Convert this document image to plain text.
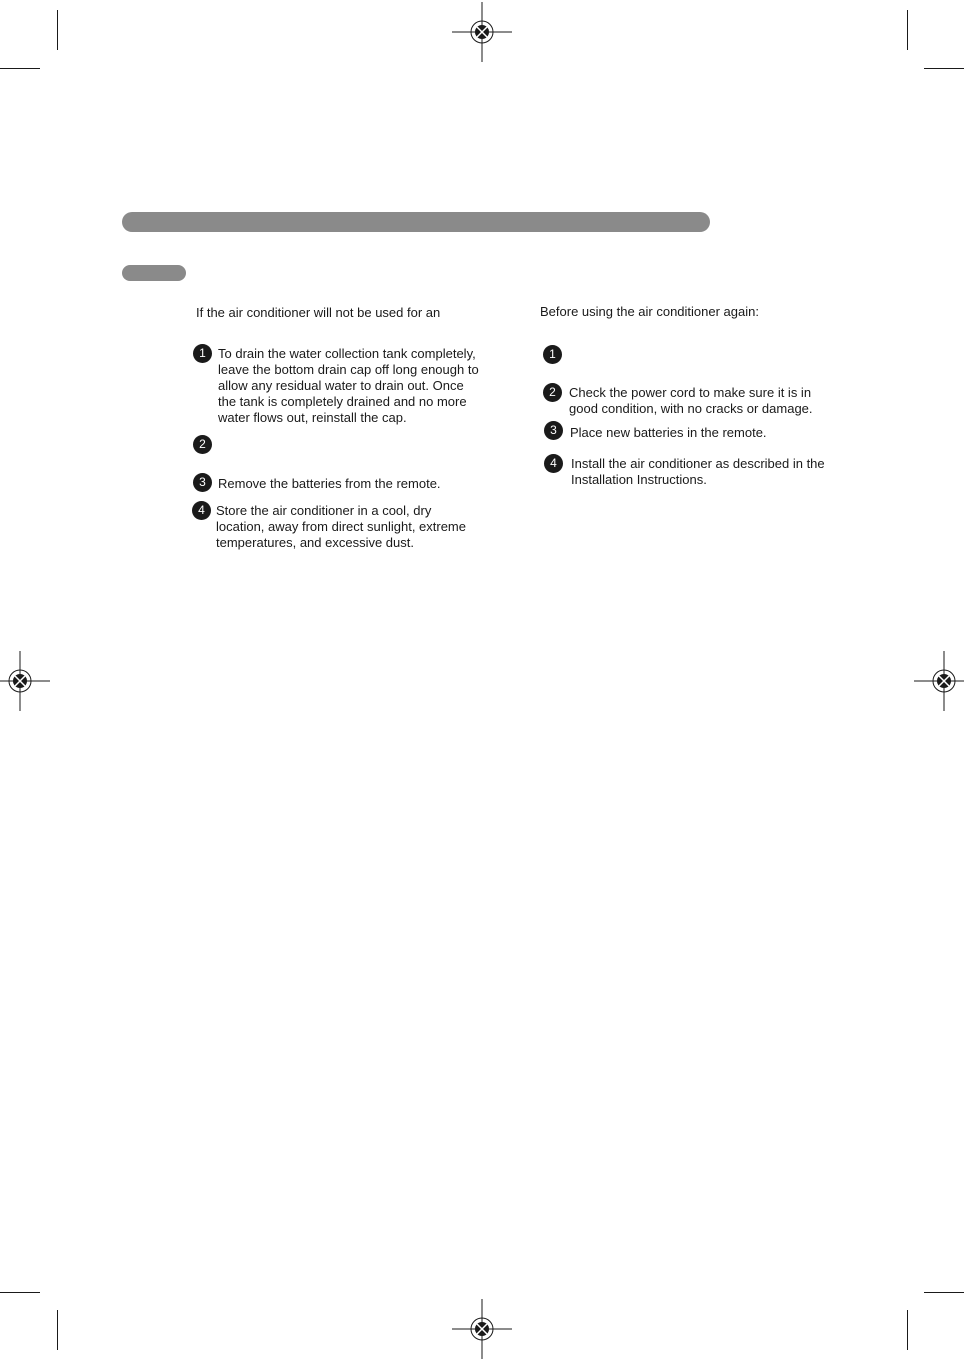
If the air conditioner will not be used for an

1 To drain the water collection tank completely,

leave the bottom drain cap off long enough to

allow any residual water to drain out. Once

the tank is completely drained and no more

water flows out, reinstall the cap.

2
3 Remove the batteries from the remote.

4 Store the air conditioner in a cool, dry

location, away from direct sunlight, extreme

temperatures, and excessive dust.

Before using the air conditioner again:

1
2	Check the power cord to make sure it is in

good condition, with no cracks or damage.

3	Place new batteries in the remote.

4	Install the air conditioner as described in the

Installation Instructions.
